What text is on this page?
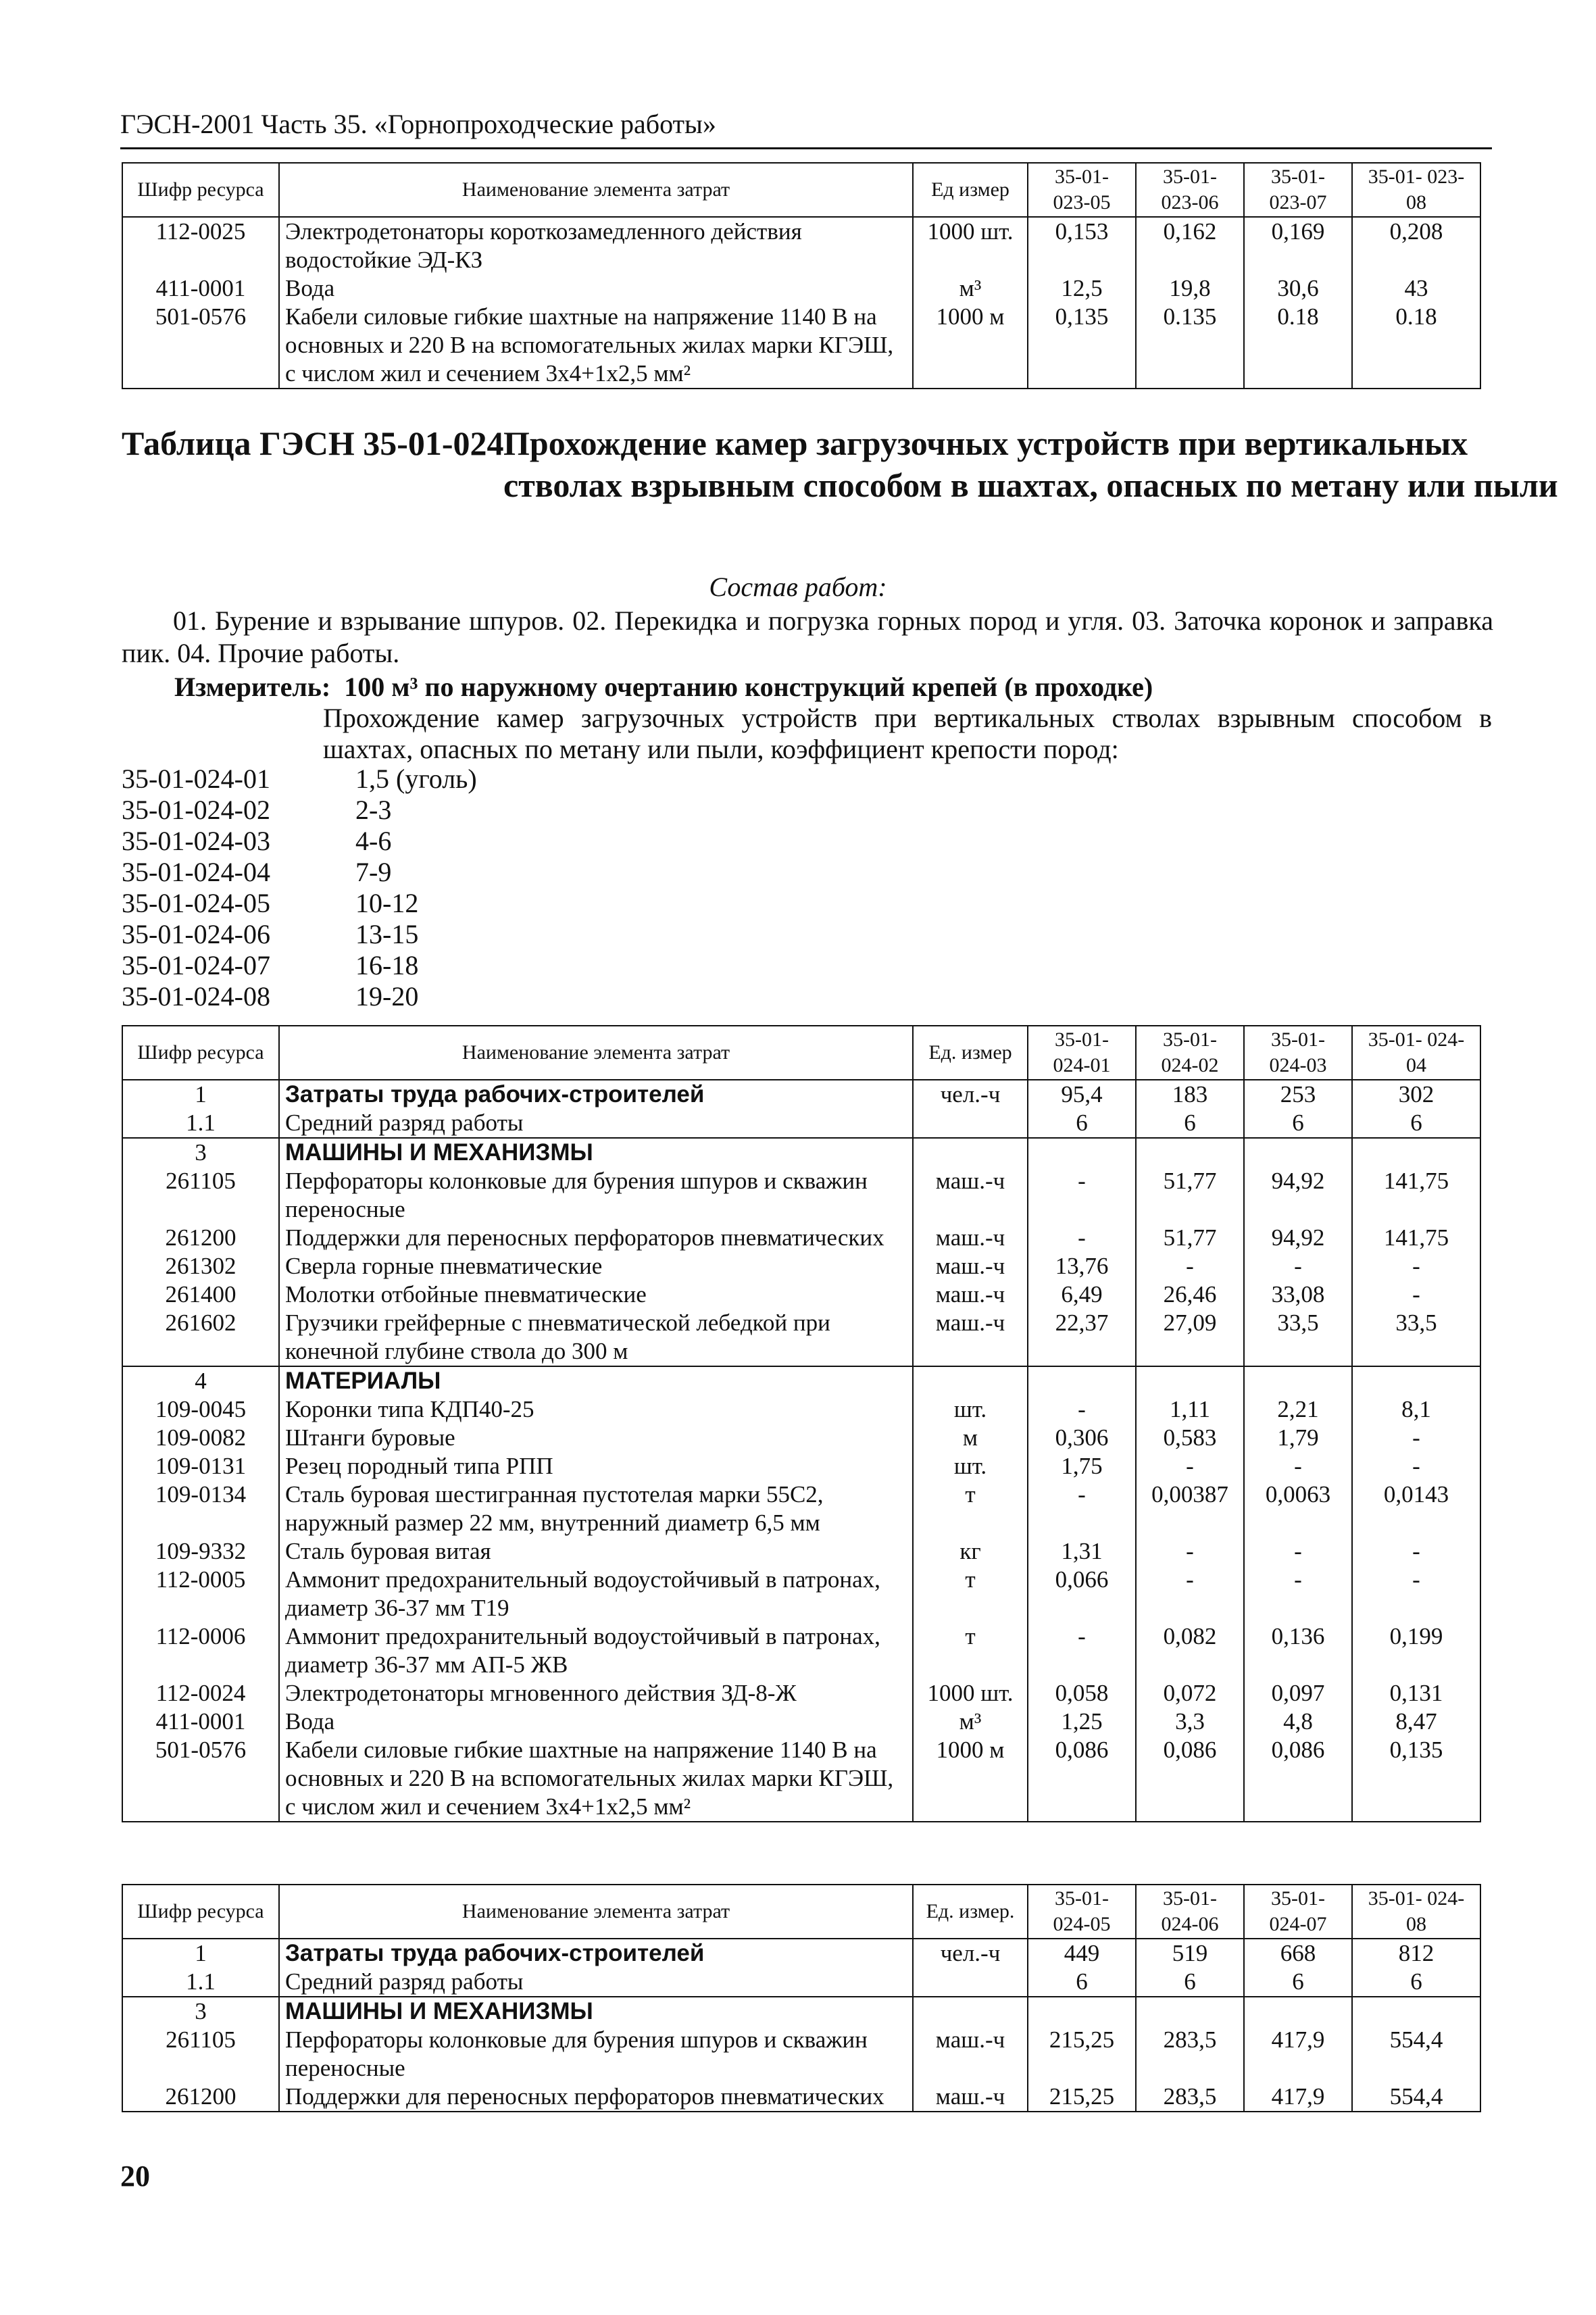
ГЭСН-2001 Часть 35. «Горнопроходческие работы»
Шифр ресурса	Наименование элемента затрат	Ед измер	35-01- 023-05	35-01- 023-06	35-01- 023-07	35-01- 023-08
112-0025	Электродетонаторы короткозамедленного действия водостойкие ЭД-КЗ	1000 шт.	0,153	0,162	0,169	0,208
411-0001	Вода	м³	12,5	19,8	30,6	43
501-0576	Кабели силовые гибкие шахтные на напряжение 1140 В на основных и 220 В на вспомогательных жилах марки КГЭШ, с числом жил и сечением 3х4+1х2,5 мм²	1000 м	0,135	0.135	0.18	0.18
Таблица ГЭСН 35-01-024 Прохождение камер загрузочных устройств при вертикальных стволах взрывным способом в шахтах, опасных по метану или пыли
Состав работ:
01. Бурение и взрывание шпуров. 02. Перекидка и погрузка горных пород и угля. 03. Заточка коронок и заправка пик. 04. Прочие работы.
Измеритель: 100 м³ по наружному очертанию конструкций крепей (в проходке)
Прохождение камер загрузочных устройств при вертикальных стволах взрывным способом в шахтах, опасных по метану или пыли, коэффициент крепости пород:
35-01-024-01	1,5 (уголь)
35-01-024-02	2-3
35-01-024-03	4-6
35-01-024-04	7-9
35-01-024-05	10-12
35-01-024-06	13-15
35-01-024-07	16-18
35-01-024-08	19-20
Шифр ресурса	Наименование элемента затрат	Ед. измер	35-01- 024-01	35-01- 024-02	35-01- 024-03	35-01- 024-04
1	Затраты труда рабочих-строителей	чел.-ч	95,4	183	253	302
1.1	Средний разряд работы		6	6	6	6
3	МАШИНЫ И МЕХАНИЗМЫ					
261105	Перфораторы колонковые для бурения шпуров и скважин переносные	маш.-ч	-	51,77	94,92	141,75
261200	Поддержки для переносных перфораторов пневматических	маш.-ч	-	51,77	94,92	141,75
261302	Сверла горные пневматические	маш.-ч	13,76	-	-	-
261400	Молотки отбойные пневматические	маш.-ч	6,49	26,46	33,08	-
261602	Грузчики грейферные с пневматической лебедкой при конечной глубине ствола до 300 м	маш.-ч	22,37	27,09	33,5	33,5
4	МАТЕРИАЛЫ					
109-0045	Коронки типа КДП40-25	шт.	-	1,11	2,21	8,1
109-0082	Штанги буровые	м	0,306	0,583	1,79	-
109-0131	Резец породный типа РПП	шт.	1,75	-	-	-
109-0134	Сталь буровая шестигранная пустотелая марки 55С2, наружный размер 22 мм, внутренний диаметр 6,5 мм	т	-	0,00387	0,0063	0,0143
109-9332	Сталь буровая витая	кг	1,31	-	-	-
112-0005	Аммонит предохранительный водоустойчивый в патронах, диаметр 36-37 мм Т19	т	0,066	-	-	-
112-0006	Аммонит предохранительный водоустойчивый в патронах, диаметр 36-37 мм АП-5 ЖВ	т	-	0,082	0,136	0,199
112-0024	Электродетонаторы мгновенного действия ЗД-8-Ж	1000 шт.	0,058	0,072	0,097	0,131
411-0001	Вода	м³	1,25	3,3	4,8	8,47
501-0576	Кабели силовые гибкие шахтные на напряжение 1140 В на основных и 220 В на вспомогательных жилах марки КГЭШ, с числом жил и сечением 3х4+1х2,5 мм²	1000 м	0,086	0,086	0,086	0,135
Шифр ресурса	Наименование элемента затрат	Ед. измер.	35-01- 024-05	35-01- 024-06	35-01- 024-07	35-01- 024-08
1	Затраты труда рабочих-строителей	чел.-ч	449	519	668	812
1.1	Средний разряд работы		6	6	6	6
3	МАШИНЫ И МЕХАНИЗМЫ					
261105	Перфораторы колонковые для бурения шпуров и скважин переносные	маш.-ч	215,25	283,5	417,9	554,4
261200	Поддержки для переносных перфораторов пневматических	маш.-ч	215,25	283,5	417,9	554,4
20
